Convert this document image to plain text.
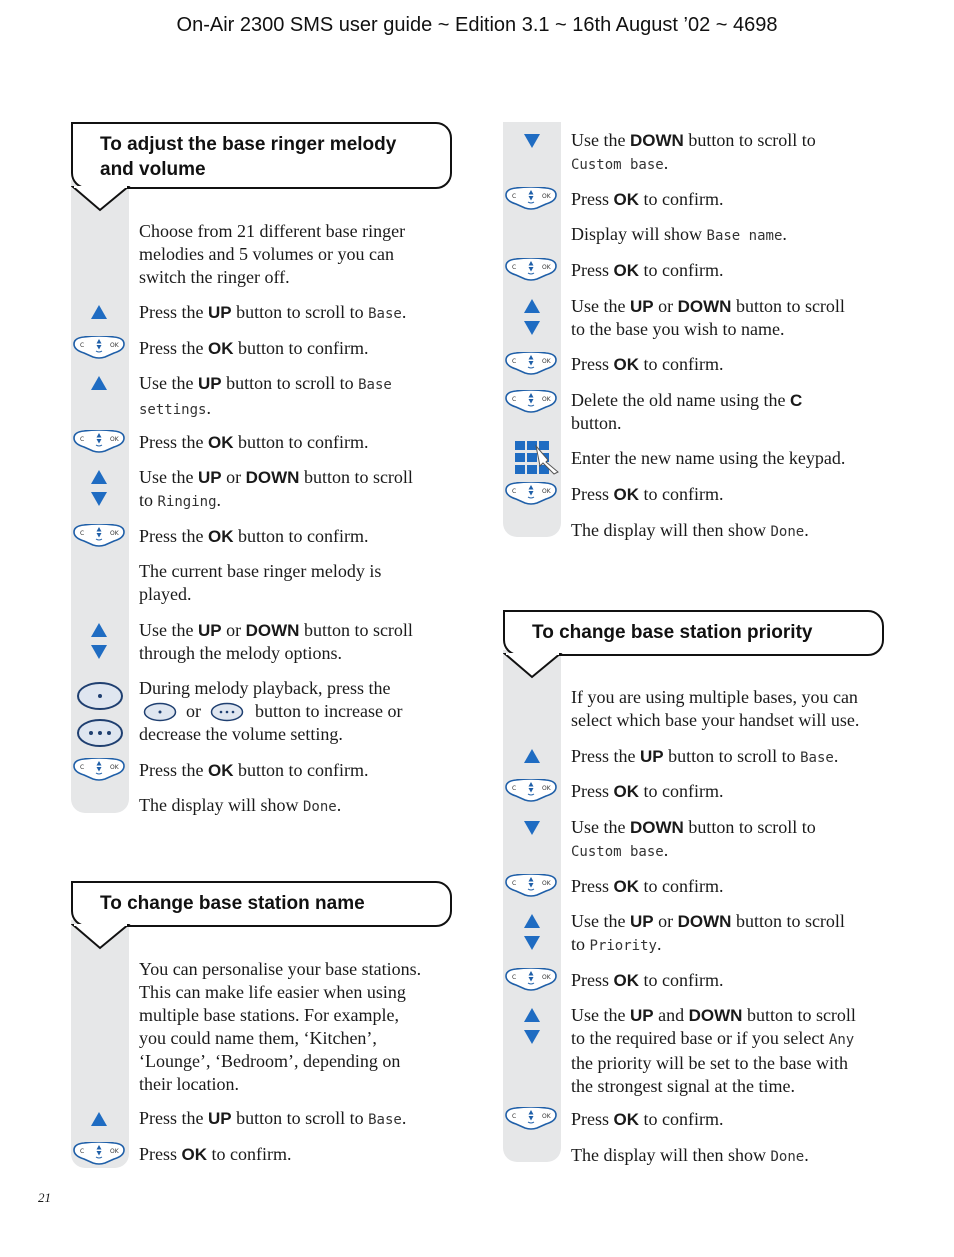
On-Air 2300 SMS user guide ~ Edition 3.1 ~ 16th August ’02 ~ 4698
To adjust the base ringer melody
and volume
Choose from 21 different base ringer
melodies and 5 volumes or you can
switch the ringer off.
Press the UP button to scroll to Base.
Press the OK button to confirm.
Use the UP button to scroll to Base
settings.
Press the OK button to confirm.
Use the UP or DOWN button to scroll
to Ringing.
Press the OK button to confirm.
The current base ringer melody is
played.
Use the UP or DOWN button to scroll
through the melody options.
During melody playback, press the
or	button to increase or
decrease the volume setting.
Press the OK button to confirm.
The display will show Done.
To change base station name
You can personalise your base stations.
This can make life easier when using
multiple base stations. For example,
you could name them, ‘Kitchen’,
‘Lounge’, ‘Bedroom’, depending on
their location.
Press the UP button to scroll to Base.
Press OK to confirm.
Use the DOWN button to scroll to
Custom base.
Press OK to confirm.
Display will show Base name.
Press OK to confirm.
Use the UP or DOWN button to scroll
to the base you wish to name.
Press OK to confirm.
Delete the old name using the C
button.
Enter the new name using the keypad.
Press OK to confirm.
The display will then show Done.
To change base station priority
If you are using multiple bases, you can
select which base your handset will use.
Press the UP button to scroll to Base.
Press OK to confirm.
Use the DOWN button to scroll to
Custom base.
Press OK to confirm.
Use the UP or DOWN button to scroll
to Priority.
Press OK to confirm.
Use the UP and DOWN button to scroll
to the required base or if you select Any
the priority will be set to the base with
the strongest signal at the time.
Press OK to confirm.
The display will then show Done.
21
